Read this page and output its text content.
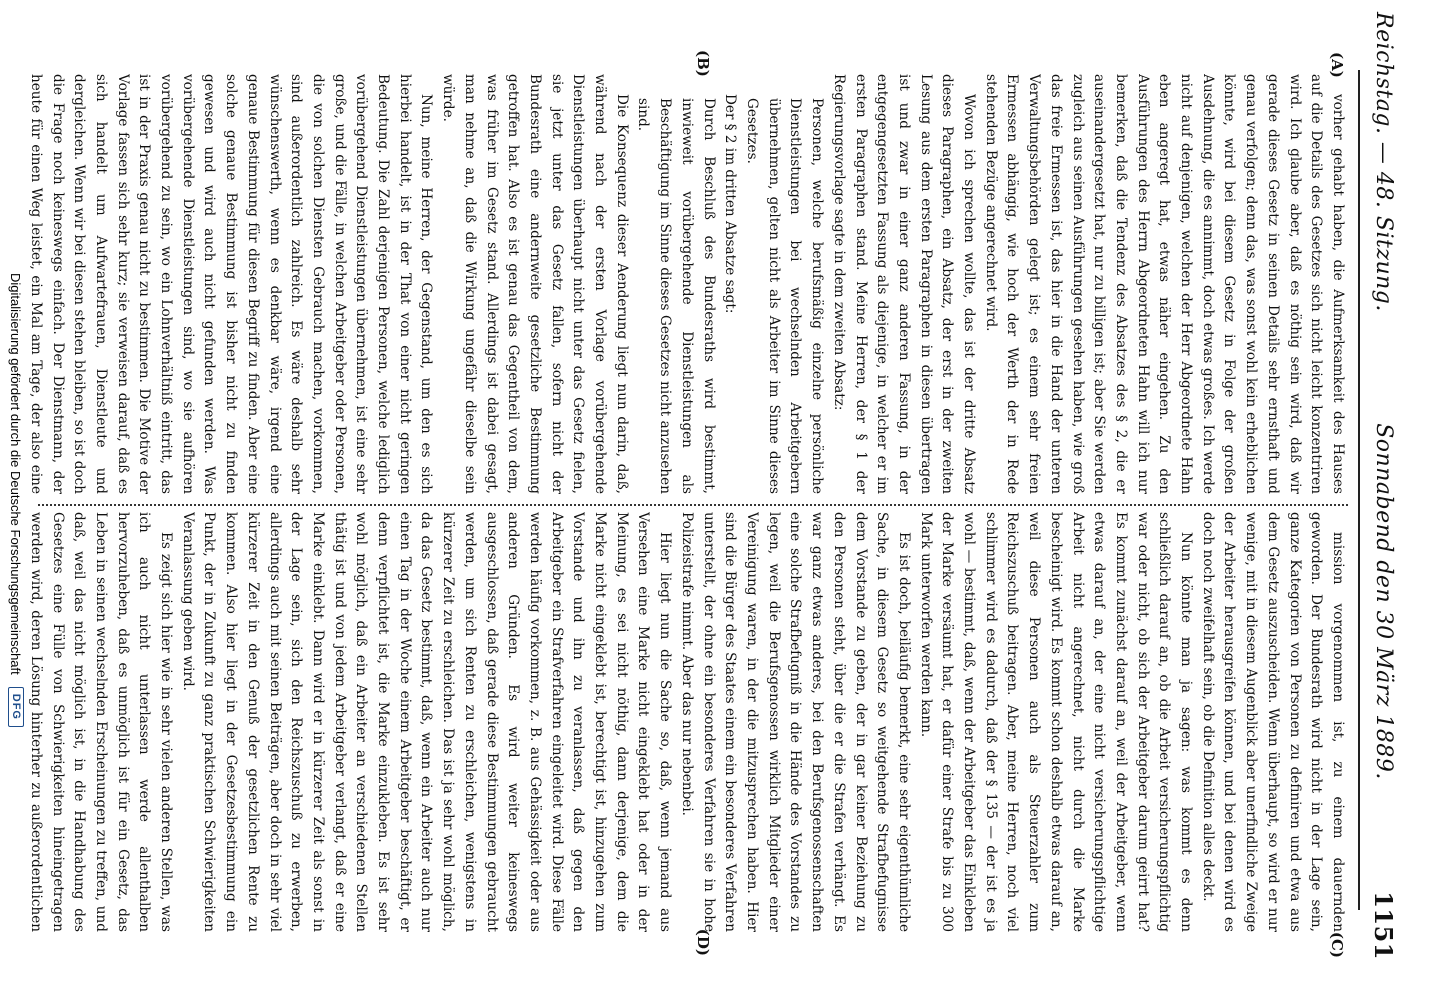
Reichstag. — 48. Sitzung.
Sonnabend den 30 März 1889.
1151
(A)
(B)
(C)
(D)

vorher gehabt haben, die Aufmerksamkeit des Hauses auf die Details des Gesetzes sich nicht leicht konzentriren wird. Ich glaube aber, daß es nöthig sein wird, daß wir gerade dieses Gesetz in seinen Details sehr ernsthaft und genau verfolgen; denn das, was sonst wohl kein erheblichen könnte, wird bei diesem Gesetz in Folge der großen Ausdehnung, die es annimmt, doch etwas großes. Ich werde nicht auf denjenigen, welchen der Herr Abgeordnete Hahn eben angeregt hat, etwas näher eingehen. Zu den Ausführungen des Herrn Abgeordneten Hahn will ich nur bemerken, daß die Tendenz des Absatzes des § 2, die er auseinandergesetzt hat, nur zu billigen ist; aber Sie werden zugleich aus seinen Ausführungen gesehen haben, wie groß das freie Ermessen ist, das hier in die Hand der unteren Verwaltungsbehörden gelegt ist; es einem sehr freien Ermessen abhängig, wie hoch der Werth der in Rede stehenden Bezüge angerechnet wird.

Wovon ich sprechen wollte, das ist der dritte Absatz dieses Paragraphen, ein Absatz, der erst in der zweiten Lesung aus dem ersten Paragraphen in diesen übertragen ist und zwar in einer ganz anderen Fassung, in der entgegengesetzten Fassung als diejenige, in welcher er im ersten Paragraphen stand. Meine Herren, der § 1 der Regierungsvorlage sagte in dem zweiten Absatz:

Personen, welche berufsmäßig einzelne persönliche Dienstleistungen bei wechselnden Arbeitgebern übernehmen, gelten nicht als Arbeiter im Sinne dieses Gesetzes.

Der § 2 im dritten Absatze sagt:

Durch Beschluß des Bundesraths wird bestimmt, inwieweit vorübergehende Dienstleistungen als Beschäftigung im Sinne dieses Gesetzes nicht anzusehen sind.

Die Konsequenz dieser Aenderung liegt nun darin, daß, während nach der ersten Vorlage vorübergehende Dienstleistungen überhaupt nicht unter das Gesetz fielen, sie jetzt unter das Gesetz fallen, sofern nicht der Bundesrath eine andernweite gesetzliche Bestimmung getroffen hat. Also es ist genau das Gegentheil von dem, was früher im Gesetz stand. Allerdings ist dabei gesagt, man nehme an, daß die Wirkung ungefähr dieselbe sein würde.

Nun, meine Herren, der Gegenstand, um den es sich hierbei handelt, ist in der That von einer nicht geringen Bedeutung. Die Zahl derjenigen Personen, welche lediglich vorübergehend Dienstleistungen übernehmen, ist eine sehr große, und die Fälle, in welchen Arbeitgeber oder Personen, die von solchen Diensten Gebrauch machen, vorkommen, sind außerordentlich zahlreich. Es wäre deshalb sehr wünschenswerth, wenn es denkbar wäre, irgend eine genaue Bestimmung für diesen Begriff zu finden. Aber eine solche genaue Bestimmung ist bisher nicht zu finden gewesen und wird auch nicht gefunden werden. Was vorübergehende Dienstleistungen sind, wo sie aufhören vorübergehend zu sein, wo ein Lohnverhältniß eintritt, das ist in der Praxis genau nicht zu bestimmen. Die Motive der Vorlage fassen sich sehr kurz; sie verweisen darauf, daß es sich handelt um Aufwartefrauen, Dienstleute und dergleichen. Wenn wir bei diesen stehen bleiben, so ist doch die Frage noch keineswegs einfach. Der Dienstmann, der heute für einen Weg leistet, ein Mal am Tage, der also eine

mission vorgenommen ist, zu einem dauernden geworden. Der Bundesrath wird nicht in der Lage sein, ganze Kategorien von Personen zu definiren und etwa aus dem Gesetz auszuscheiden. Wenn überhaupt, so wird er nur wenige, mit in diesem Augenblick aber unerfindliche Zweige der Arbeiter herausgreifen können, und bei denen wird es doch noch zweifelhaft sein, ob die Definition alles deckt.

Nun könnte man ja sagen: was kommt es denn schließlich darauf an, ob die Arbeit versicherungspflichtig war oder nicht, ob sich der Arbeitgeber darum geirrt hat? Es kommt zunächst darauf an, weil der Arbeitgeber, wenn etwas darauf an, der eine nicht versicherungspflichtige Arbeit nicht angerechnet, nicht durch die Marke bescheinigt wird. Es kommt schon deshalb etwas darauf an, weil diese Personen auch als Steuerzahler zum Reichszuschuß beitragen. Aber, meine Herren, noch viel schlimmer wird es dadurch, daß der § 135 — der ist es ja wohl — bestimmt, daß, wenn der Arbeitgeber das Einkleben der Marke versäumt hat, er dafür einer Strafe bis zu 300 Mark unterworfen werden kann.

Es ist doch, beiläufig bemerkt, eine sehr eigenthümliche Sache, in diesem Gesetz so weitgehende Strafbefugnisse dem Vorstande zu geben, der in gar keiner Beziehung zu den Personen steht, über die er die Strafen verhängt. Es war ganz etwas anderes, bei den Berufsgenossenschaften eine solche Strafbefugniß in die Hände des Vorstandes zu legen, weil die Berufsgenossen wirklich Mitglieder einer Vereinigung waren, in der die mitzusprechen haben. Hier sind die Bürger des Staates einem ein besonderes Verfahren unterstellt, der ohne ein besonderes Verfahren sie in hohe Polizeistrafe nimmt. Aber das nur nebenbei.

Hier liegt nun die Sache so, daß, wenn jemand aus Versehen eine Marke nicht eingeklebt hat oder in der Meinung, es sei nicht nöthig, dann derjenige, dem die Marke nicht eingeklebt ist, berechtigt ist, hinzugehen zum Vorstande und ihn zu veranlassen, daß gegen den Arbeitgeber ein Strafverfahren eingeleitet wird. Diese Fälle werden häufig vorkommen, z. B. aus Gehässigkeit oder aus anderen Gründen. Es wird weiter keineswegs ausgeschlossen, daß gerade diese Bestimmungen gebraucht werden, um sich Renten zu erschleichen, wenigstens in kürzerer Zeit zu erschleichen. Das ist ja sehr wohl möglich, da das Gesetz bestimmt, daß, wenn ein Arbeiter auch nur einen Tag in der Woche einem Arbeitgeber beschäftigt, er denn verpflichtet ist, die Marke einzukleben. Es ist sehr wohl möglich, daß ein Arbeiter an verschiedenen Stellen thätig ist und von jedem Arbeitgeber verlangt, daß er eine Marke einklebt. Dann wird er in kürzerer Zeit als sonst in der Lage sein, sich den Reichszuschuß zu erwerben, allerdings auch mit seinen Beiträgen, aber doch in sehr viel kürzerer Zeit in den Genuß der gesetzlichen Rente zu kommen. Also hier liegt in der Gesetzesbestimmung ein Punkt, der in Zukunft zu ganz praktischen Schwierigkeiten Veranlassung geben wird.

Es zeigt sich hier wie in sehr vielen anderen Stellen, was ich auch nicht unterlassen werde allenthalben hervorzuheben, daß es unmöglich ist für ein Gesetz, das Leben in seinen wechselnden Erscheinungen zu treffen, und daß, weil das nicht möglich ist, in die Handhabung des Gesetzes eine Fülle von Schwierigkeiten hineingetragen werden wird, deren Lösung hinterher zu außerordentlichen

Digitalisierung gefördert durch die Deutsche Forschungsgemeinschaft
DFG
